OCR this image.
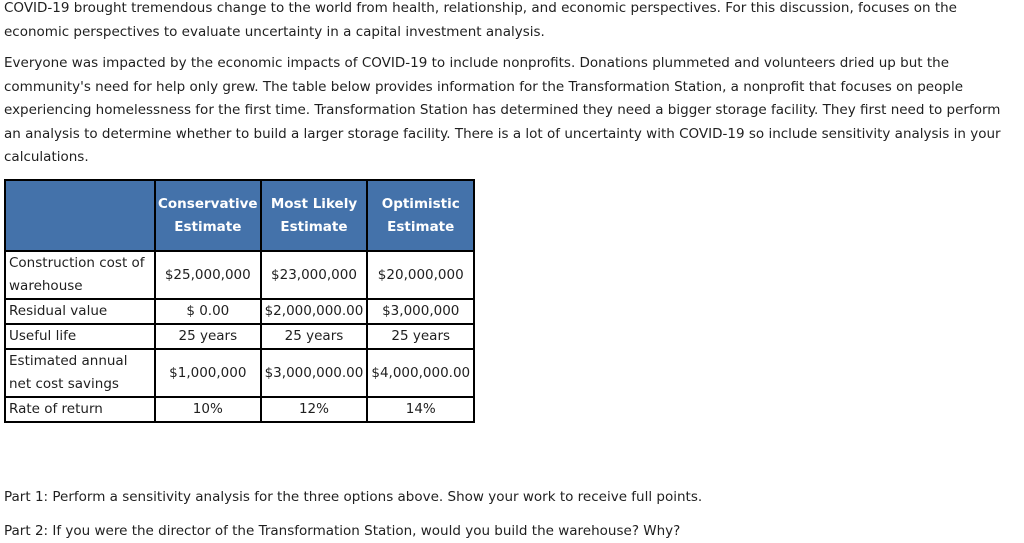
COVID-19 brought tremendous change to the world from health, relationship, and economic perspectives. For this discussion, focuses on the economic perspectives to evaluate uncertainty in a capital investment analysis.

Everyone was impacted by the economic impacts of COVID-19 to include nonprofits. Donations plummeted and volunteers dried up but the community's need for help only grew. The table below provides information for the Transformation Station, a nonprofit that focuses on people experiencing homelessness for the first time. Transformation Station has determined they need a bigger storage facility. They first need to perform an analysis to determine whether to build a larger storage facility. There is a lot of uncertainty with COVID-19 so include sensitivity analysis in your calculations.

	Conservative Estimate	Most Likely Estimate	Optimistic Estimate
Construction cost of warehouse	$25,000,000	$23,000,000	$20,000,000
Residual value	$ 0.00	$2,000,000.00	$3,000,000
Useful life	25 years	25 years	25 years
Estimated annual net cost savings	$1,000,000	$3,000,000.00	$4,000,000.00
Rate of return	10%	12%	14%

Part 1: Perform a sensitivity analysis for the three options above. Show your work to receive full points.

Part 2: If you were the director of the Transformation Station, would you build the warehouse? Why?
